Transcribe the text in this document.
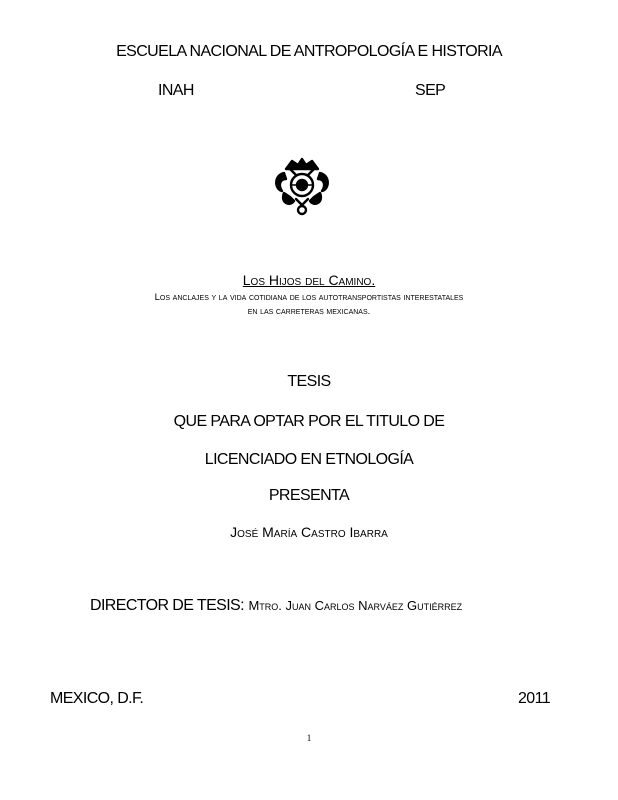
ESCUELA NACIONAL DE ANTROPOLOGÍA E HISTORIA
INAH	SEP
Los Hijos del Camino.
Los anclajes y la vida cotidiana de los autotransportistas interestatales
en las carreteras mexicanas.
TESIS
QUE PARA OPTAR POR EL TITULO DE
LICENCIADO EN ETNOLOGÍA
PRESENTA
José María Castro Ibarra
DIRECTOR DE TESIS: Mtro. Juan Carlos Narváez Gutiérrez
MEXICO, D.F.	2011
1
